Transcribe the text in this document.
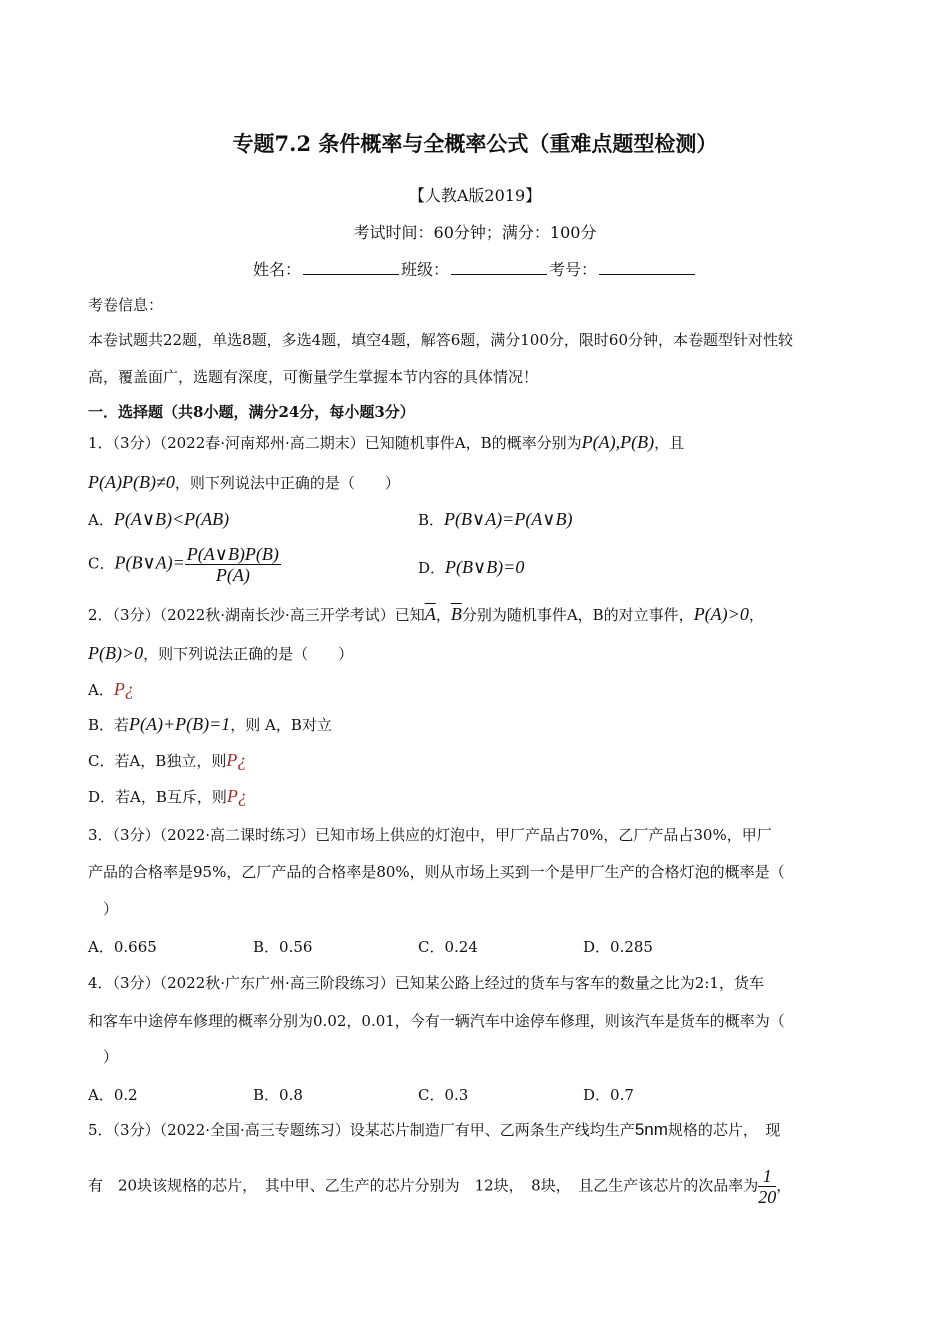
专题7.2 条件概率与全概率公式（重难点题型检测）
【人教A版2019】
考试时间：60分钟；满分：100分
姓名：	班级：	考号：
考卷信息：
本卷试题共22题，单选8题，多选4题，填空4题，解答6题，满分100分，限时60分钟，本卷题型针对性较
高，覆盖面广，选题有深度，可衡量学生掌握本节内容的具体情况！
一．选择题（共8小题，满分24分，每小题3分）
1．（3分）（2022春·河南郑州·高二期末）已知随机事件A，B的概率分别为P(A),P(B)，且
P(A)P(B)≠0，则下列说法中正确的是（　　）
A．P(A∨B)<P(AB)	B．P(B∨A)=P(A∨B)
C．P(B∨A)= $\frac{P(A\vee B)P(B)}{P(A)}$	D．P(B∨B)=0
2．（3分）（2022秋·湖南长沙·高三开学考试）已知$\overline{A}$，$\overline{B}$分别为随机事件A，B的对立事件，P(A)>0，
P(B)>0，则下列说法正确的是（　　）
A．P¿
B．若P(A)+P(B)=1，则 A，B对立
C．若A，B独立，则P¿
D．若A，B互斥，则P¿
3．（3分）（2022·高二课时练习）已知市场上供应的灯泡中，甲厂产品占70%，乙厂产品占30%，甲厂
产品的合格率是95%，乙厂产品的合格率是80%，则从市场上买到一个是甲厂生产的合格灯泡的概率是（
　）
A．0.665	B．0.56	C．0.24	D．0.285
4．（3分）（2022秋·广东广州·高三阶段练习）已知某公路上经过的货车与客车的数量之比为2:1，货车
和客车中途停车修理的概率分别为0.02，0.01，今有一辆汽车中途停车修理，则该汽车是货车的概率为（
　）
A．0.2	B．0.8	C．0.3	D．0.7
5．（3分）（2022·全国·高三专题练习）设某芯片制造厂有甲、乙两条生产线均生产5nm规格的芯片，　现
有　20块该规格的芯片，　其中甲、乙生产的芯片分别为　12块，　8块，　且乙生产该芯片的次品率为 $\frac{1}{20}$ ，
